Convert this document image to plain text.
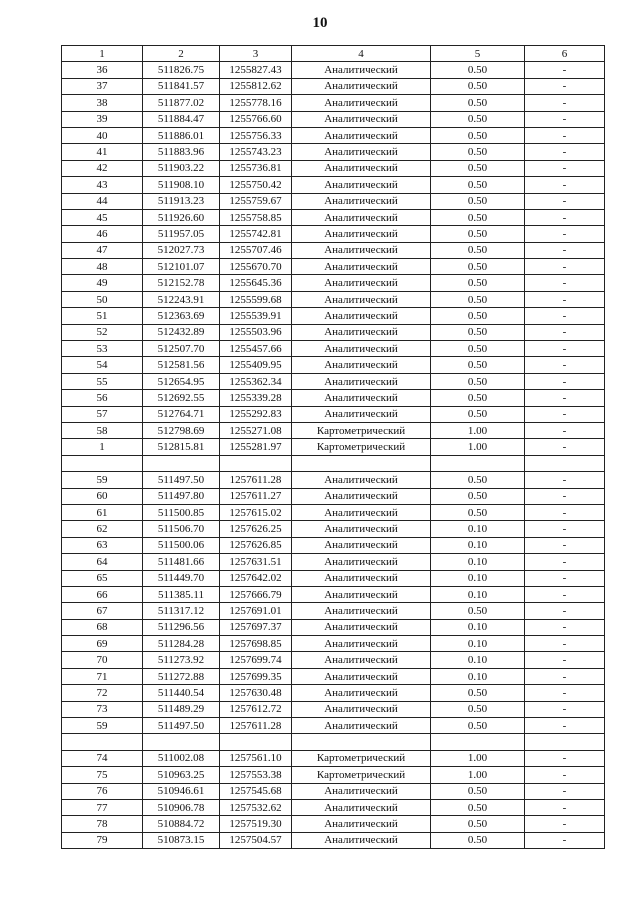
10
1	2	3	4	5	6
36	511826.75	1255827.43	Аналитический	0.50	-
37	511841.57	1255812.62	Аналитический	0.50	-
38	511877.02	1255778.16	Аналитический	0.50	-
39	511884.47	1255766.60	Аналитический	0.50	-
40	511886.01	1255756.33	Аналитический	0.50	-
41	511883.96	1255743.23	Аналитический	0.50	-
42	511903.22	1255736.81	Аналитический	0.50	-
43	511908.10	1255750.42	Аналитический	0.50	-
44	511913.23	1255759.67	Аналитический	0.50	-
45	511926.60	1255758.85	Аналитический	0.50	-
46	511957.05	1255742.81	Аналитический	0.50	-
47	512027.73	1255707.46	Аналитический	0.50	-
48	512101.07	1255670.70	Аналитический	0.50	-
49	512152.78	1255645.36	Аналитический	0.50	-
50	512243.91	1255599.68	Аналитический	0.50	-
51	512363.69	1255539.91	Аналитический	0.50	-
52	512432.89	1255503.96	Аналитический	0.50	-
53	512507.70	1255457.66	Аналитический	0.50	-
54	512581.56	1255409.95	Аналитический	0.50	-
55	512654.95	1255362.34	Аналитический	0.50	-
56	512692.55	1255339.28	Аналитический	0.50	-
57	512764.71	1255292.83	Аналитический	0.50	-
58	512798.69	1255271.08	Картометрический	1.00	-
1	512815.81	1255281.97	Картометрический	1.00	-

59	511497.50	1257611.28	Аналитический	0.50	-
60	511497.80	1257611.27	Аналитический	0.50	-
61	511500.85	1257615.02	Аналитический	0.50	-
62	511506.70	1257626.25	Аналитический	0.10	-
63	511500.06	1257626.85	Аналитический	0.10	-
64	511481.66	1257631.51	Аналитический	0.10	-
65	511449.70	1257642.02	Аналитический	0.10	-
66	511385.11	1257666.79	Аналитический	0.10	-
67	511317.12	1257691.01	Аналитический	0.50	-
68	511296.56	1257697.37	Аналитический	0.10	-
69	511284.28	1257698.85	Аналитический	0.10	-
70	511273.92	1257699.74	Аналитический	0.10	-
71	511272.88	1257699.35	Аналитический	0.10	-
72	511440.54	1257630.48	Аналитический	0.50	-
73	511489.29	1257612.72	Аналитический	0.50	-
59	511497.50	1257611.28	Аналитический	0.50	-

74	511002.08	1257561.10	Картометрический	1.00	-
75	510963.25	1257553.38	Картометрический	1.00	-
76	510946.61	1257545.68	Аналитический	0.50	-
77	510906.78	1257532.62	Аналитический	0.50	-
78	510884.72	1257519.30	Аналитический	0.50	-
79	510873.15	1257504.57	Аналитический	0.50	-
